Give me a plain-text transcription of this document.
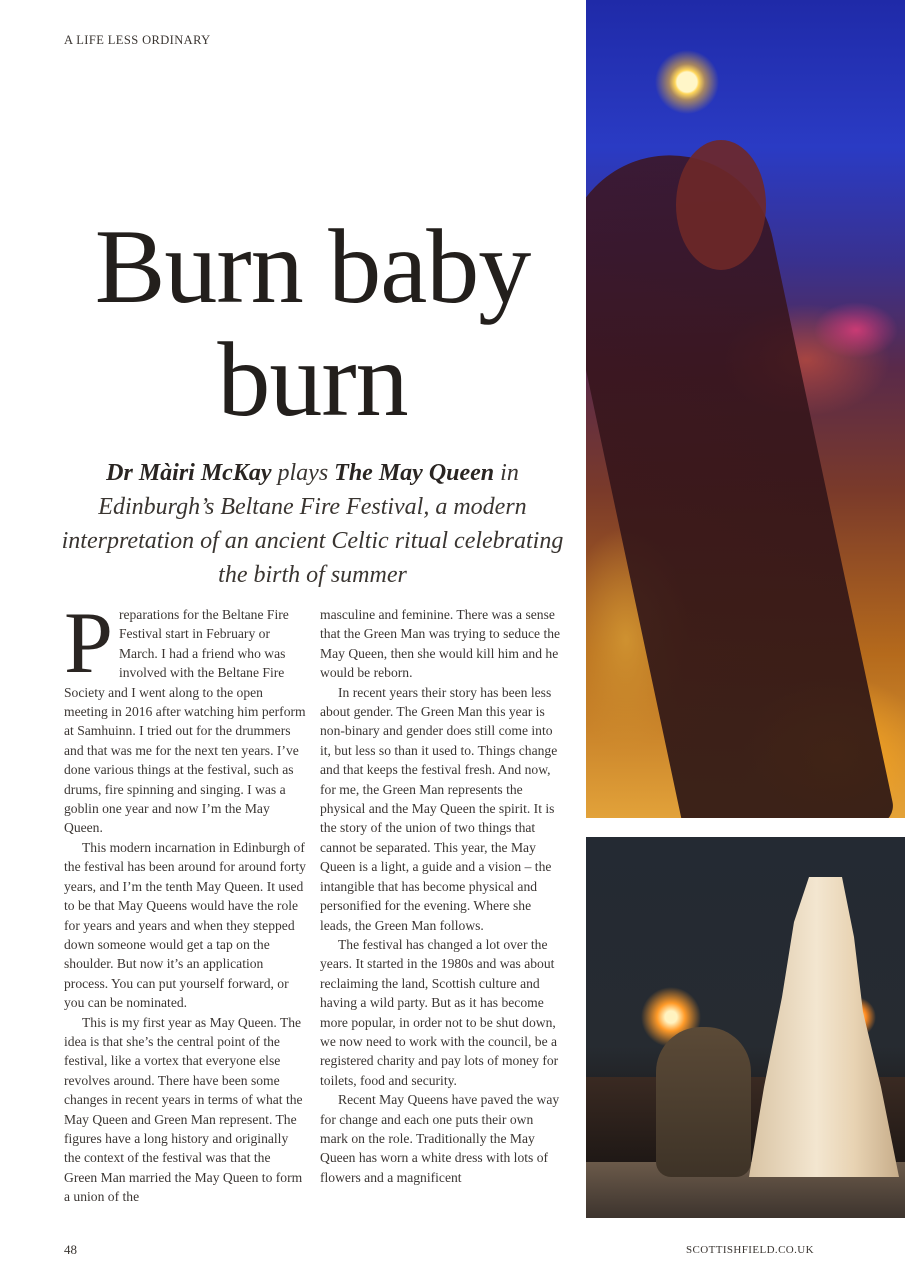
A LIFE LESS ORDINARY
Burn baby
burn

Dr Màiri McKay plays The May Queen in Edinburgh’s Beltane Fire Festival, a modern interpretation of an ancient Celtic ritual celebrating the birth of summer

Preparations for the Beltane Fire Festival start in February or March. I had a friend who was involved with the Beltane Fire Society and I went along to the open meeting in 2016 after watching him perform at Samhuinn. I tried out for the drummers and that was me for the next ten years. I’ve done various things at the festival, such as drums, fire spinning and singing. I was a goblin one year and now I’m the May Queen.

This modern incarnation in Edinburgh of the festival has been around for around forty years, and I’m the tenth May Queen. It used to be that May Queens would have the role for years and years and when they stepped down someone would get a tap on the shoulder. But now it’s an application process. You can put yourself forward, or you can be nominated.

This is my first year as May Queen. The idea is that she’s the central point of the festival, like a vortex that everyone else revolves around. There have been some changes in recent years in terms of what the May Queen and Green Man represent. The figures have a long history and originally the context of the festival was that the Green Man married the May Queen to form a union of the

masculine and feminine. There was a sense that the Green Man was trying to seduce the May Queen, then she would kill him and he would be reborn.

In recent years their story has been less about gender. The Green Man this year is non-binary and gender does still come into it, but less so than it used to. Things change and that keeps the festival fresh. And now, for me, the Green Man represents the physical and the May Queen the spirit. It is the story of the union of two things that cannot be separated. This year, the May Queen is a light, a guide and a vision – the intangible that has become physical and personified for the evening. Where she leads, the Green Man follows.

The festival has changed a lot over the years. It started in the 1980s and was about reclaiming the land, Scottish culture and having a wild party. But as it has become more popular, in order not to be shut down, we now need to work with the council, be a registered charity and pay lots of money for toilets, food and security.

Recent May Queens have paved the way for change and each one puts their own mark on the role. Traditionally the May Queen has worn a white dress with lots of flowers and a magnificent

48	SCOTTISHFIELD.CO.UK
